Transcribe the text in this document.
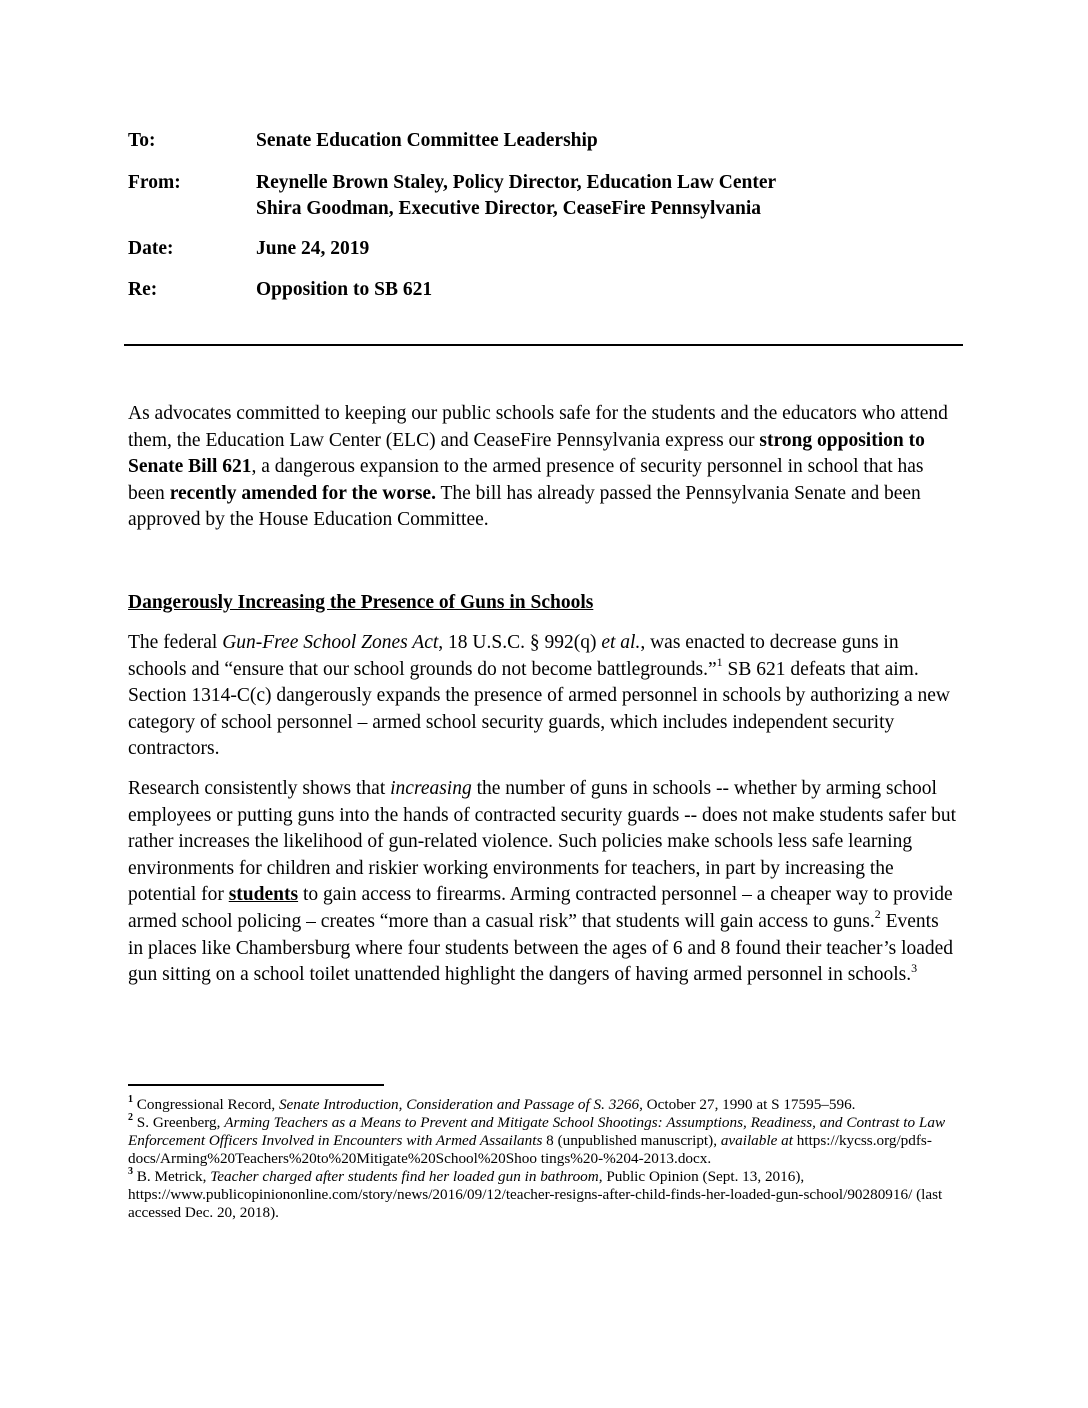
To:	Senate Education Committee Leadership
From:	Reynelle Brown Staley, Policy Director, Education Law Center
Shira Goodman, Executive Director, CeaseFire Pennsylvania
Date:	June 24, 2019
Re:	Opposition to SB 621

As advocates committed to keeping our public schools safe for the students and the educators who attend them, the Education Law Center (ELC) and CeaseFire Pennsylvania express our strong opposition to Senate Bill 621, a dangerous expansion to the armed presence of security personnel in school that has been recently amended for the worse. The bill has already passed the Pennsylvania Senate and been approved by the House Education Committee.

Dangerously Increasing the Presence of Guns in Schools

The federal Gun-Free School Zones Act, 18 U.S.C. § 992(q) et al., was enacted to decrease guns in schools and “ensure that our school grounds do not become battlegrounds.”$^1$ SB 621 defeats that aim. Section 1314-C(c) dangerously expands the presence of armed personnel in schools by authorizing a new category of school personnel – armed school security guards, which includes independent security contractors.

Research consistently shows that increasing the number of guns in schools -- whether by arming school employees or putting guns into the hands of contracted security guards -- does not make students safer but rather increases the likelihood of gun-related violence. Such policies make schools less safe learning environments for children and riskier working environments for teachers, in part by increasing the potential for students to gain access to firearms. Arming contracted personnel – a cheaper way to provide armed school policing – creates “more than a casual risk” that students will gain access to guns.$^2$ Events in places like Chambersburg where four students between the ages of 6 and 8 found their teacher’s loaded gun sitting on a school toilet unattended highlight the dangers of having armed personnel in schools.$^3$

$^1$ Congressional Record, Senate Introduction, Consideration and Passage of S. 3266, October 27, 1990 at S 17595–596.

$^2$ S. Greenberg, Arming Teachers as a Means to Prevent and Mitigate School Shootings: Assumptions, Readiness, and Contrast to Law Enforcement Officers Involved in Encounters with Armed Assailants 8 (unpublished manuscript), available at https://kycss.org/pdfs-docs/Arming%20Teachers%20to%20Mitigate%20School%20Shoo tings%20-%204-2013.docx.

$^3$ B. Metrick, Teacher charged after students find her loaded gun in bathroom, Public Opinion (Sept. 13, 2016), https://www.publicopiniononline.com/story/news/2016/09/12/teacher-resigns-after-child-finds-her-loaded-gun-school/90280916/ (last accessed Dec. 20, 2018).
